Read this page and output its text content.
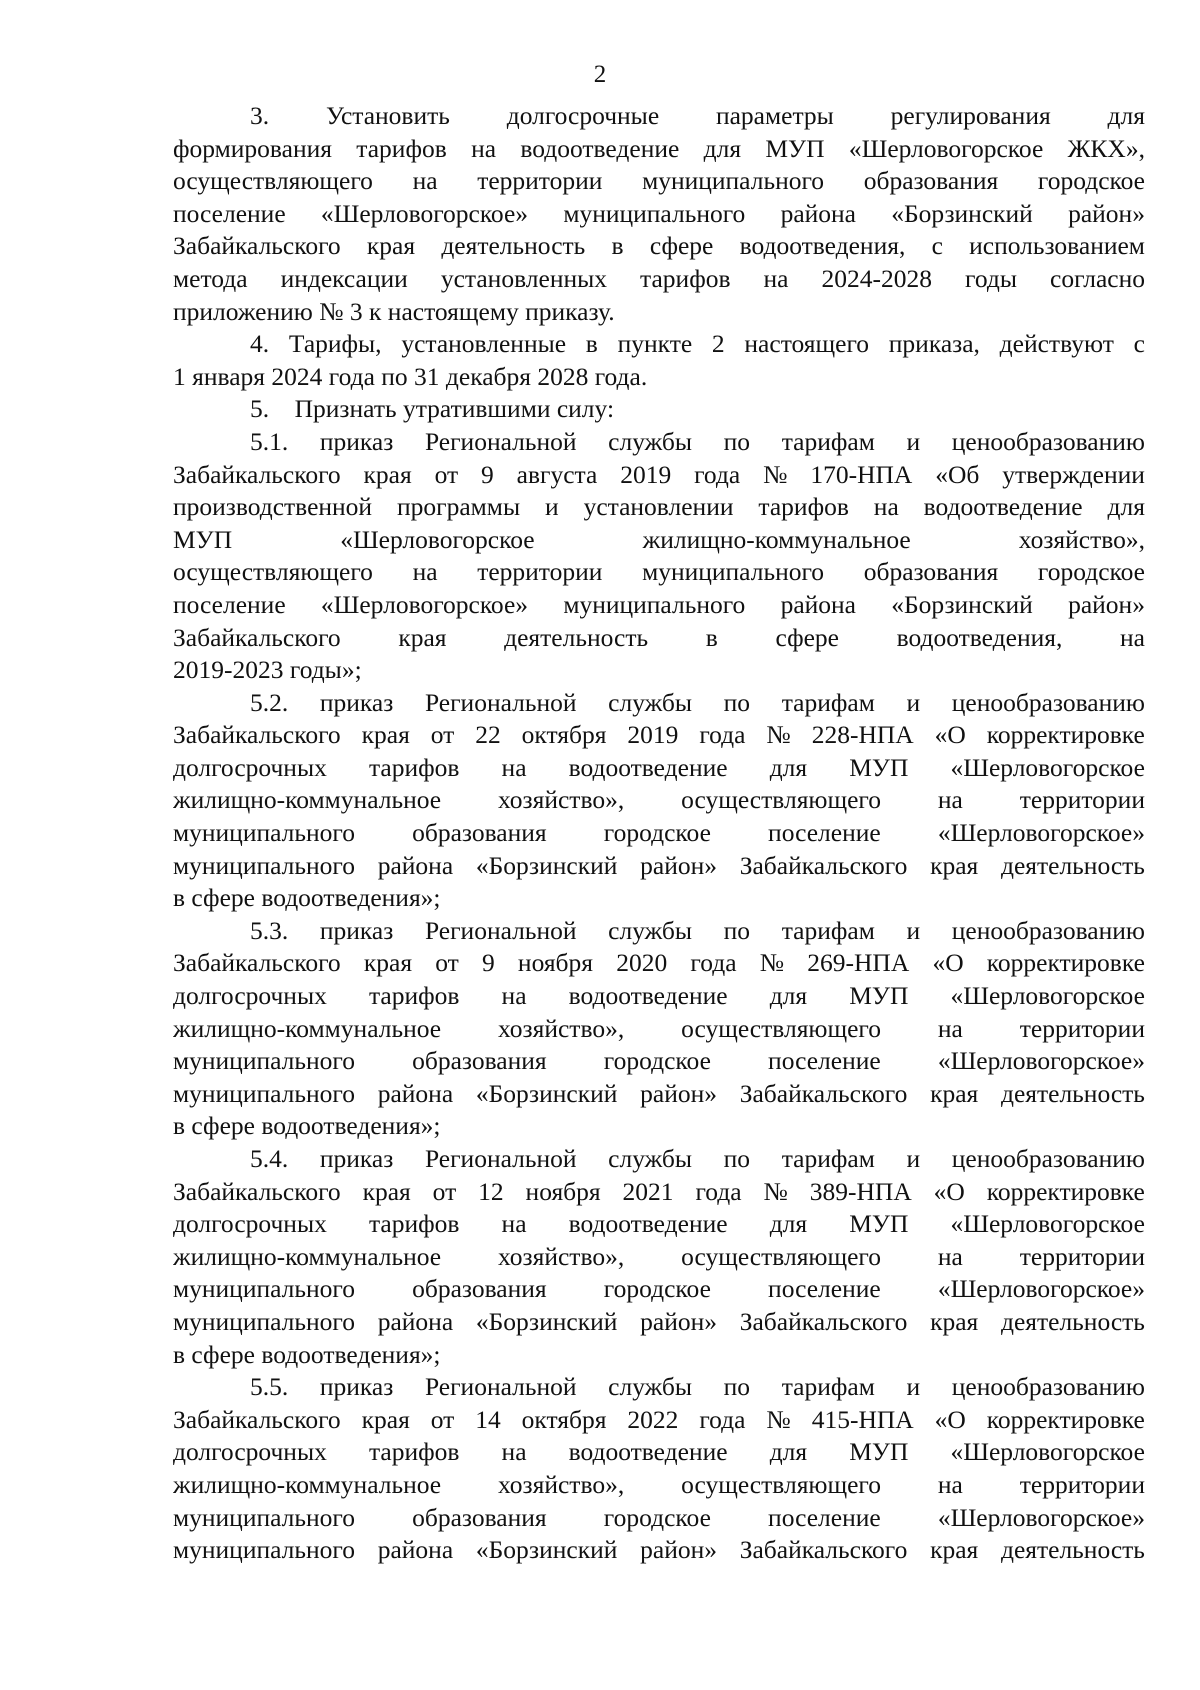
2
3. Установить долгосрочные параметры регулирования для
формирования тарифов на водоотведение для МУП «Шерловогорское ЖКХ»,
осуществляющего на территории муниципального образования городское
поселение «Шерловогорское» муниципального района «Борзинский район»
Забайкальского края деятельность в сфере водоотведения, с использованием
метода индексации установленных тарифов на 2024-2028 годы согласно
приложению № 3 к настоящему приказу.
4. Тарифы, установленные в пункте 2 настоящего приказа, действуют с
1 января 2024 года по 31 декабря 2028 года.
5.    Признать утратившими силу:
5.1. приказ Региональной службы по тарифам и ценообразованию
Забайкальского края от 9 августа 2019 года № 170-НПА «Об утверждении
производственной программы и установлении тарифов на водоотведение для
МУП	«Шерловогорское	жилищно-коммунальное	хозяйство»,
осуществляющего на территории муниципального образования городское
поселение «Шерловогорское» муниципального района «Борзинский район»
Забайкальского края деятельность в сфере водоотведения, на
2019-2023 годы»;
5.2. приказ Региональной службы по тарифам и ценообразованию
Забайкальского края от 22 октября 2019 года № 228-НПА «О корректировке
долгосрочных тарифов на водоотведение для МУП «Шерловогорское
жилищно-коммунальное хозяйство», осуществляющего на территории
муниципального образования городское поселение «Шерловогорское»
муниципального района «Борзинский район» Забайкальского края деятельность
в сфере водоотведения»;
5.3. приказ Региональной службы по тарифам и ценообразованию
Забайкальского края от 9 ноября 2020 года № 269-НПА «О корректировке
долгосрочных тарифов на водоотведение для МУП «Шерловогорское
жилищно-коммунальное хозяйство», осуществляющего на территории
муниципального образования городское поселение «Шерловогорское»
муниципального района «Борзинский район» Забайкальского края деятельность
в сфере водоотведения»;
5.4. приказ Региональной службы по тарифам и ценообразованию
Забайкальского края от 12 ноября 2021 года № 389-НПА «О корректировке
долгосрочных тарифов на водоотведение для МУП «Шерловогорское
жилищно-коммунальное хозяйство», осуществляющего на территории
муниципального образования городское поселение «Шерловогорское»
муниципального района «Борзинский район» Забайкальского края деятельность
в сфере водоотведения»;
5.5. приказ Региональной службы по тарифам и ценообразованию
Забайкальского края от 14 октября 2022 года № 415-НПА «О корректировке
долгосрочных тарифов на водоотведение для МУП «Шерловогорское
жилищно-коммунальное хозяйство», осуществляющего на территории
муниципального образования городское поселение «Шерловогорское»
муниципального района «Борзинский район» Забайкальского края деятельность
